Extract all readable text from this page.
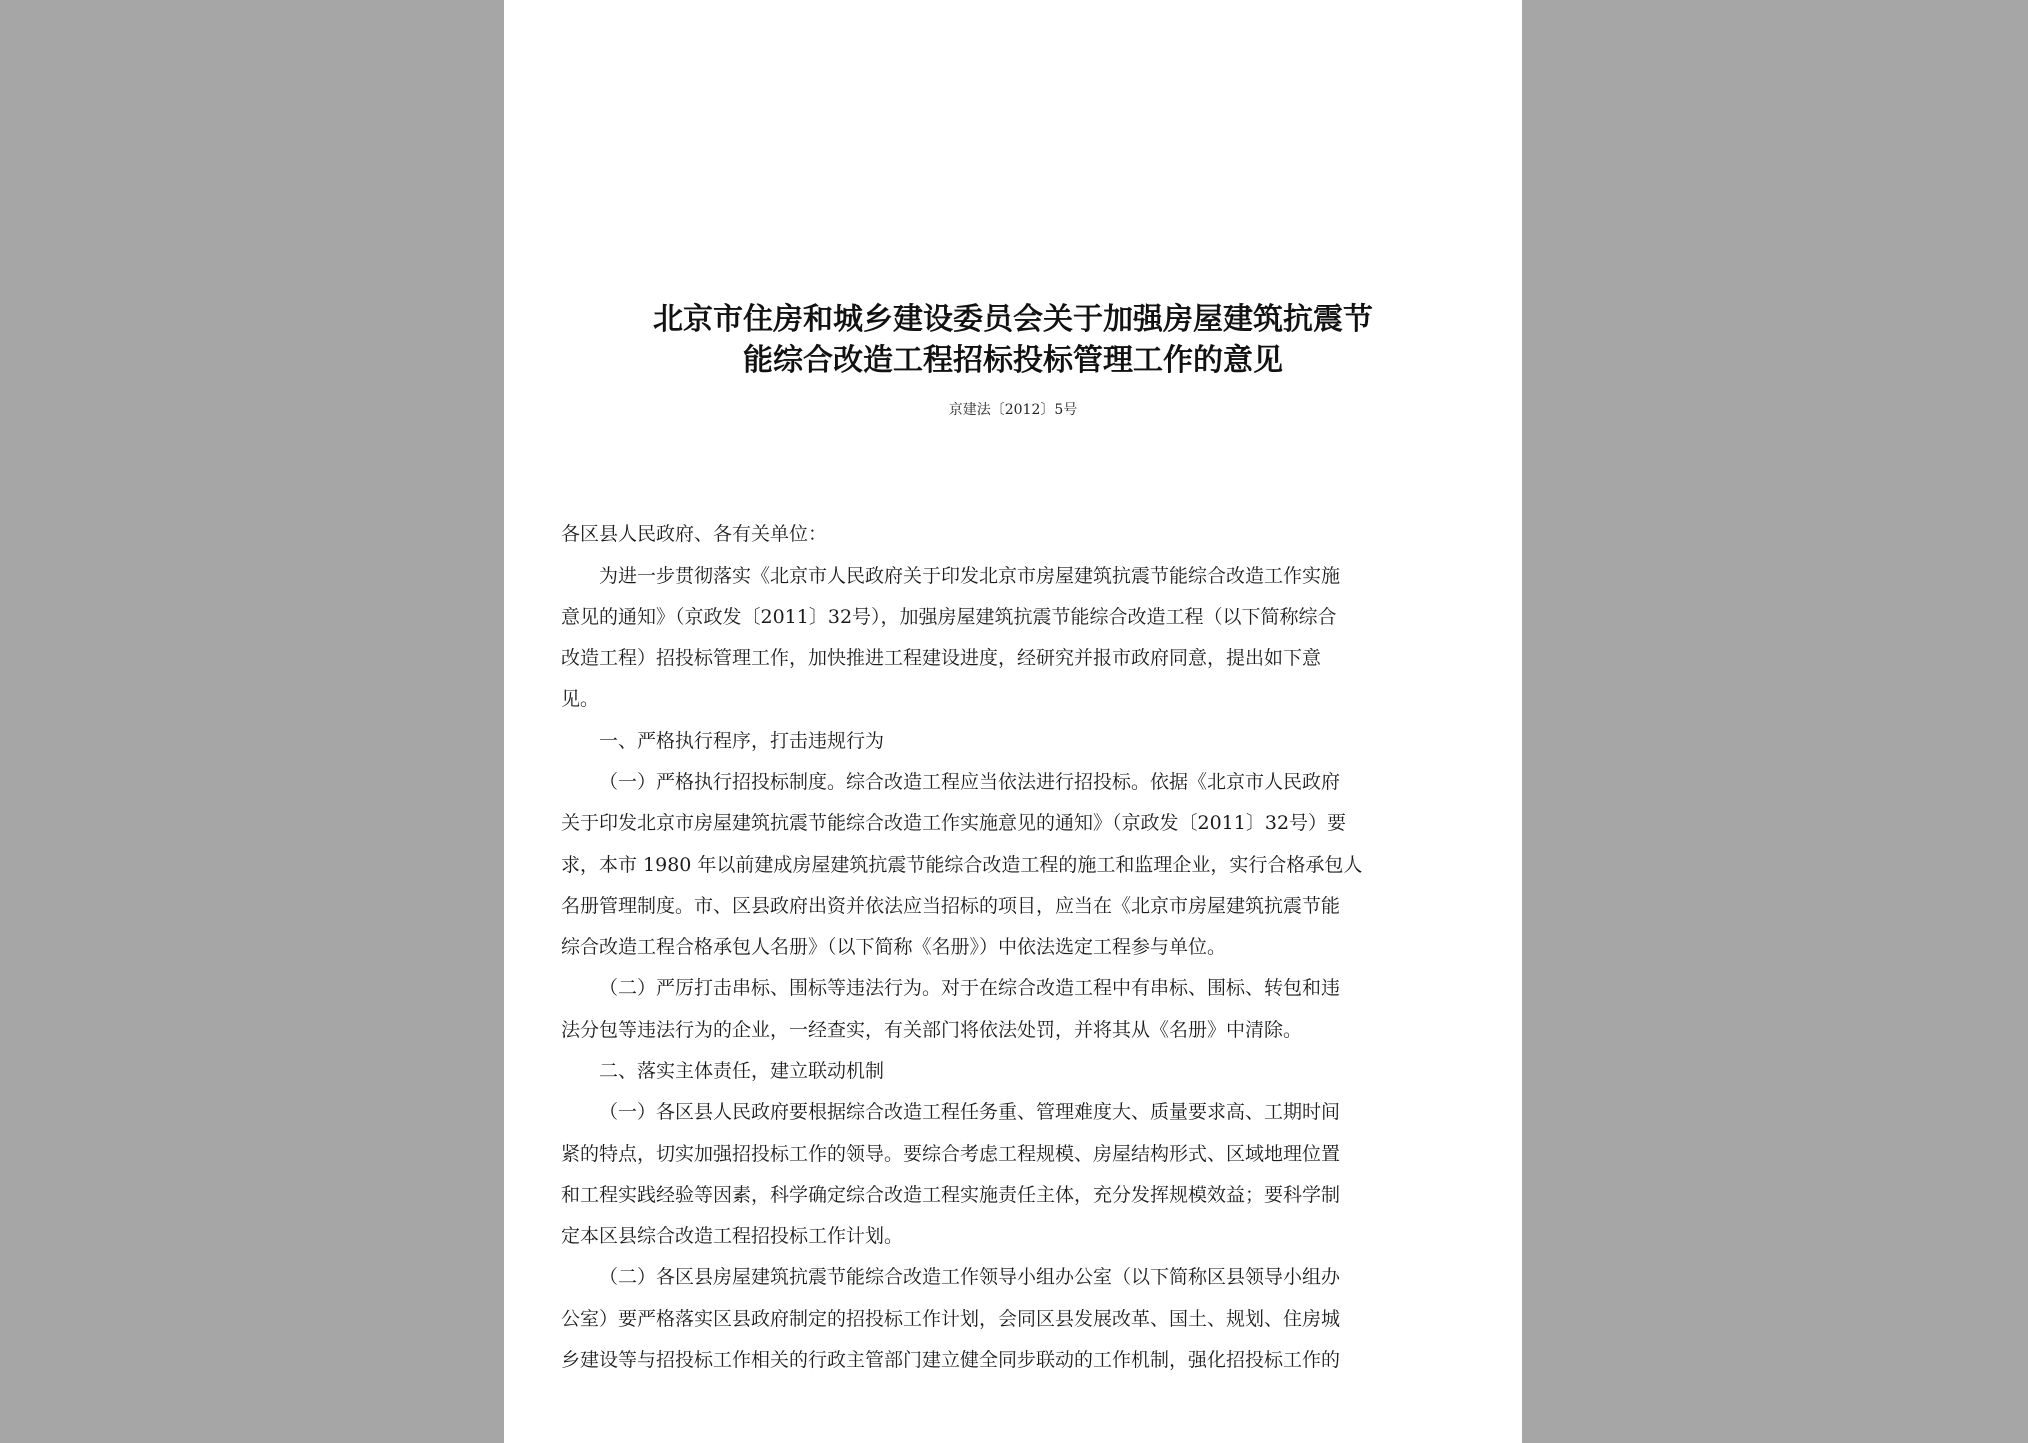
北京市住房和城乡建设委员会关于加强房屋建筑抗震节
能综合改造工程招标投标管理工作的意见
京建法〔2012〕5号
各区县人民政府、各有关单位：
为进一步贯彻落实《北京市人民政府关于印发北京市房屋建筑抗震节能综合改造工作实施
意见的通知》（京政发〔2011〕32号），加强房屋建筑抗震节能综合改造工程（以下简称综合
改造工程）招投标管理工作，加快推进工程建设进度，经研究并报市政府同意，提出如下意
见。
一、严格执行程序，打击违规行为
（一）严格执行招投标制度。综合改造工程应当依法进行招投标。依据《北京市人民政府
关于印发北京市房屋建筑抗震节能综合改造工作实施意见的通知》（京政发〔2011〕32号）要
求，本市 1980 年以前建成房屋建筑抗震节能综合改造工程的施工和监理企业，实行合格承包人
名册管理制度。市、区县政府出资并依法应当招标的项目，应当在《北京市房屋建筑抗震节能
综合改造工程合格承包人名册》（以下简称《名册》）中依法选定工程参与单位。
（二）严厉打击串标、围标等违法行为。对于在综合改造工程中有串标、围标、转包和违
法分包等违法行为的企业，一经查实，有关部门将依法处罚，并将其从《名册》中清除。
二、落实主体责任，建立联动机制
（一）各区县人民政府要根据综合改造工程任务重、管理难度大、质量要求高、工期时间
紧的特点，切实加强招投标工作的领导。要综合考虑工程规模、房屋结构形式、区域地理位置
和工程实践经验等因素，科学确定综合改造工程实施责任主体，充分发挥规模效益；要科学制
定本区县综合改造工程招投标工作计划。
（二）各区县房屋建筑抗震节能综合改造工作领导小组办公室（以下简称区县领导小组办
公室）要严格落实区县政府制定的招投标工作计划，会同区县发展改革、国土、规划、住房城
乡建设等与招投标工作相关的行政主管部门建立健全同步联动的工作机制，强化招投标工作的
